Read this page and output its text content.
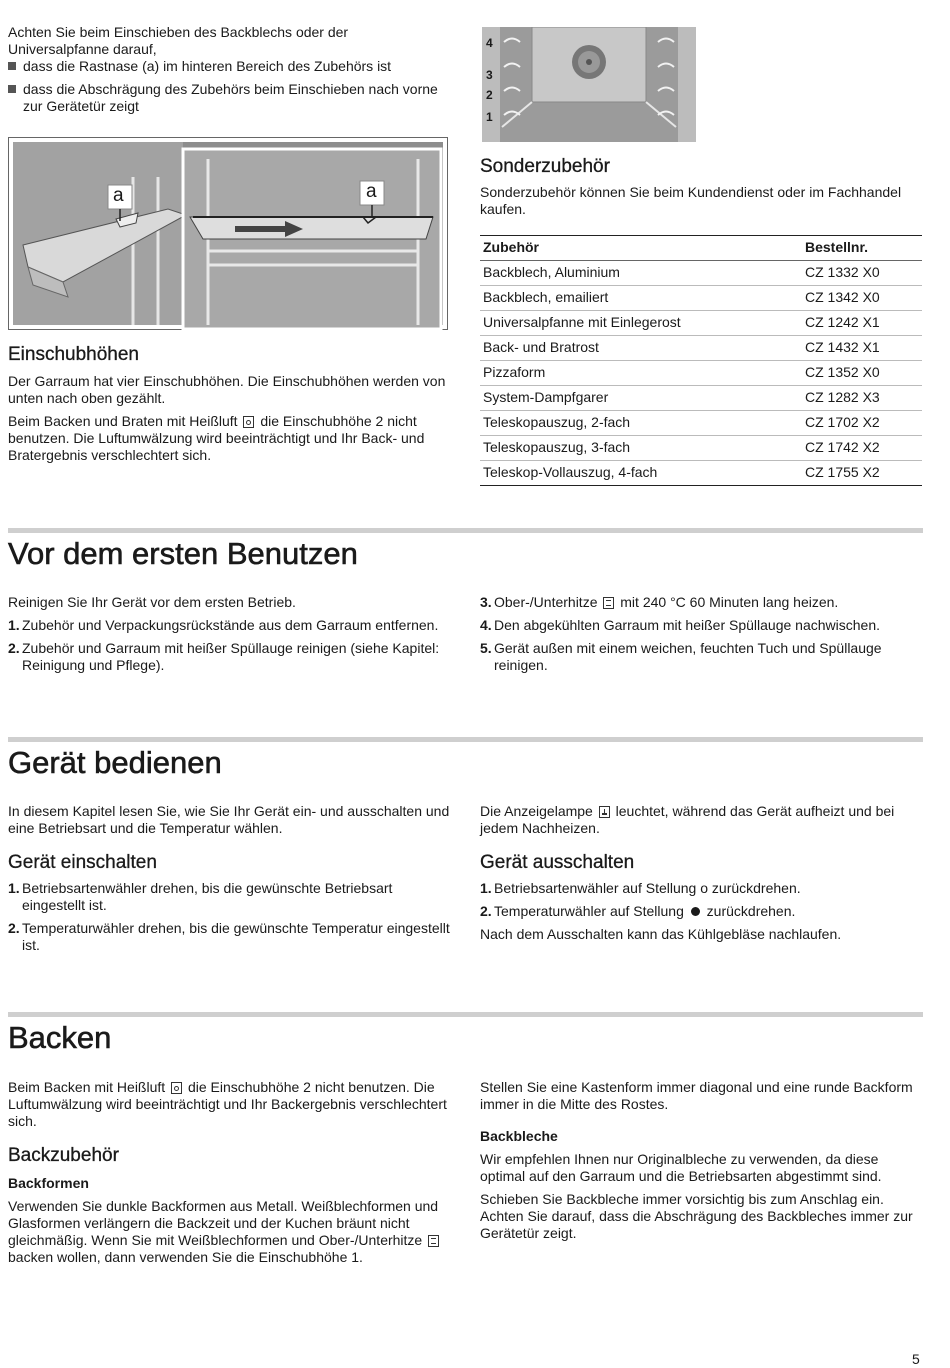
Achten Sie beim Einschieben des Backblechs oder der Universalpfanne darauf,

dass die Rastnase (a) im hinteren Bereich des Zubehörs ist
dass die Abschrägung des Zubehörs beim Einschieben nach vorne zur Gerätetür zeigt
a	a
4
3
2
1
Einschubhöhen

Der Garraum hat vier Einschubhöhen. Die Einschubhöhen werden von unten nach oben gezählt.

Beim Backen und Braten mit Heißluft die Einschubhöhe 2 nicht benutzen. Die Luftumwälzung wird beeinträchtigt und Ihr Back- und Bratergebnis verschlechtert sich.

Sonderzubehör

Sonderzubehör können Sie beim Kundendienst oder im Fachhandel kaufen.

Zubehör	Bestellnr.
Backblech, Aluminium	CZ 1332 X0
Backblech, emailiert	CZ 1342 X0
Universalpfanne mit Einlegerost	CZ 1242 X1
Back- und Bratrost	CZ 1432 X1
Pizzaform	CZ 1352 X0
System-Dampfgarer	CZ 1282 X3
Teleskopauszug, 2-fach	CZ 1702 X2
Teleskopauszug, 3-fach	CZ 1742 X2
Teleskop-Vollauszug, 4-fach	CZ 1755 X2
Vor dem ersten Benutzen

Reinigen Sie Ihr Gerät vor dem ersten Betrieb.

1. Zubehör und Verpackungsrückstände aus dem Garraum entfernen.
2. Zubehör und Garraum mit heißer Spüllauge reinigen (siehe Kapitel: Reinigung und Pflege).
3. Ober-/Unterhitze mit 240 °C 60 Minuten lang heizen.
4. Den abgekühlten Garraum mit heißer Spüllauge nachwischen.
5. Gerät außen mit einem weichen, feuchten Tuch und Spüllauge reinigen.
Gerät bedienen

In diesem Kapitel lesen Sie, wie Sie Ihr Gerät ein- und ausschalten und eine Betriebsart und die Temperatur wählen.

Gerät einschalten
1. Betriebsartenwähler drehen, bis die gewünschte Betriebsart eingestellt ist.
2. Temperaturwähler drehen, bis die gewünschte Temperatur eingestellt ist.

Die Anzeigelampe leuchtet, während das Gerät aufheizt und bei jedem Nachheizen.

Gerät ausschalten
1. Betriebsartenwähler auf Stellung o zurückdrehen.
2. Temperaturwähler auf Stellung zurückdrehen.

Nach dem Ausschalten kann das Kühlgebläse nachlaufen.

Backen

Beim Backen mit Heißluft die Einschubhöhe 2 nicht benutzen. Die Luftumwälzung wird beeinträchtigt und Ihr Backergebnis verschlechtert sich.

Backzubehör
Backformen

Verwenden Sie dunkle Backformen aus Metall. Weißblechformen und Glasformen verlängern die Backzeit und der Kuchen bräunt nicht gleichmäßig. Wenn Sie mit Weißblechformen und Ober-/Unterhitze  backen wollen, dann verwenden Sie die Einschubhöhe 1.

Stellen Sie eine Kastenform immer diagonal und eine runde Backform immer in die Mitte des Rostes.

Backbleche

Wir empfehlen Ihnen nur Originalbleche zu verwenden, da diese optimal auf den Garraum und die Betriebsarten abgestimmt sind.

Schieben Sie Backbleche immer vorsichtig bis zum Anschlag ein. Achten Sie darauf, dass die Abschrägung des Backbleches immer zur Gerätetür zeigt.

5
